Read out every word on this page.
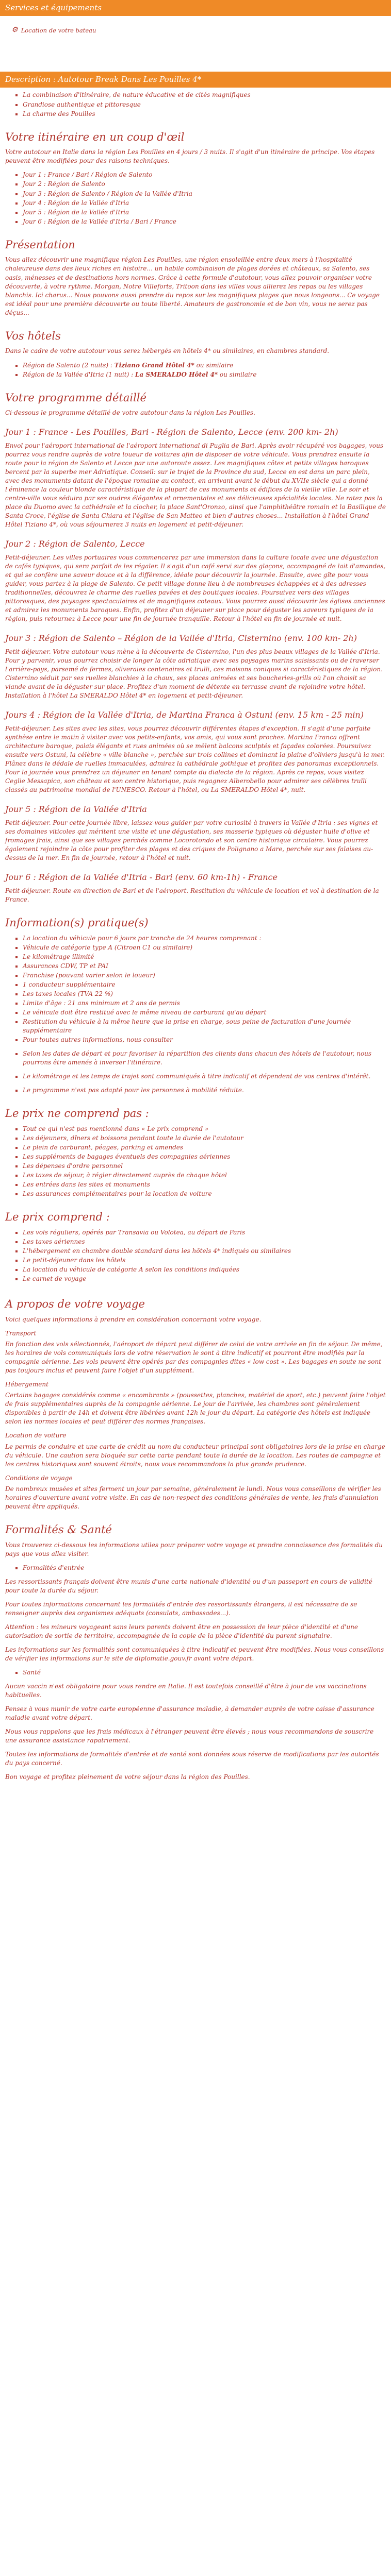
Services et équipements
⚙ Location de votre bateau
Description : Autotour Break Dans Les Pouilles 4*
▪ La combinaison d'itinéraire, de nature éducative et de cités magnifiques
▪ Grandiose authentique et pittoresque
▪ La charme des Pouilles
Votre itinéraire en un coup d'œil

Votre autotour en Italie dans la région Les Pouilles en 4 jours / 3 nuits. Il s'agit d'un itinéraire de principe. Vos étapes peuvent être modifiées pour des raisons techniques.

▪ Jour 1 : France / Bari / Région de Salento
▪ Jour 2 : Région de Salento
▪ Jour 3 : Région de Salento / Région de la Vallée d'Itria
▪ Jour 4 : Région de la Vallée d'Itria
▪ Jour 5 : Région de la Vallée d'Itria
▪ Jour 6 : Région de la Vallée d'Itria / Bari / France
Présentation

Vous allez découvrir une magnifique région Les Pouilles, une région ensoleillée entre deux mers à l'hospitalité chaleureuse dans des lieux riches en histoire... un habile combinaison de plages dorées et châteaux, sa Salento, ses oasis, ménesses et de destinations hors normes. Grâce à cette formule d'autotour, vous allez pouvoir organiser votre découverte, à votre rythme. Morgan, Notre Villeforts, Tritoon dans les villes vous allierez les repas ou les villages blanchis. Ici charus... Nous pouvons aussi prendre du repos sur les magnifiques plages que nous longeons... Ce voyage est idéal pour une première découverte ou toute liberté. Amateurs de gastronomie et de bon vin, vous ne serez pas déçus...

Vos hôtels

Dans le cadre de votre autotour vous serez hébergés en hôtels 4* ou similaires, en chambres standard.

▪ Région de Salento (2 nuits) : Tiziano Grand Hôtel 4* ou similaire
▪ Région de la Vallée d'Itria (1 nuit) : La SMERALDO Hôtel 4* ou similaire
Votre programme détaillé

Ci-dessous le programme détaillé de votre autotour dans la région Les Pouilles.

Jour 1 : France - Les Pouilles, Bari - Région de Salento, Lecce (env. 200 km- 2h)

Envol pour l'aéroport international de l'aéroport international di Puglia de Bari. Après avoir récupéré vos bagages, vous pourrez vous rendre auprès de votre loueur de voitures afin de disposer de votre véhicule. Vous prendrez ensuite la route pour la région de Salento et Lecce par une autoroute assez. Les magnifiques côtes et petits villages baroques bercent par la superbe mer Adriatique. Conseil: sur le trajet de la Province du sud, Lecce en est dans un parc plein, avec des monuments datant de l'époque romaine au contact, en arrivant avant le début du XVIIe siècle qui a donné l'éminence la couleur blonde caractéristique de la plupart de ces monuments et édifices de la vieille ville. Le soir et centre-ville vous séduira par ses oudres élégantes et ornementales et ses délicieuses spécialités locales. Ne ratez pas la place du Duomo avec la cathédrale et la clocher, la place Sant'Oronzo, ainsi que l'amphithéâtre romain et la Basilique de Santa Croce, l'église de Santa Chiara et l'église de San Matteo et bien d'autres choses... Installation à l'hôtel Grand Hôtel Tiziano 4*, où vous séjournerez 3 nuits en logement et petit-déjeuner.

Jour 2 : Région de Salento, Lecce

Petit-déjeuner. Les villes portuaires vous commencerez par une immersion dans la culture locale avec une dégustation de cafés typiques, qui sera parfait de les régaler. Il s'agit d'un café servi sur des glaçons, accompagné de lait d'amandes, et qui se confère une saveur douce et à la différence, idéale pour découvrir la journée. Ensuite, avec gîte pour vous guider, vous partez à la plage de Salento. Ce petit village donne lieu à de nombreuses échappées et à des adresses traditionnelles, découvrez le charme des ruelles pavées et des boutiques locales. Poursuivez vers des villages pittoresques, des paysages spectaculaires et de magnifiques coteaux. Vous pourrez aussi découvrir les églises anciennes et admirez les monuments baroques. Enfin, profitez d'un déjeuner sur place pour déguster les saveurs typiques de la région, puis retournez à Lecce pour une fin de journée tranquille. Retour à l'hôtel en fin de journée et nuit.

Jour 3 : Région de Salento – Région de la Vallée d'Itria, Cisternino (env. 100 km- 2h)

Petit-déjeuner. Votre autotour vous mène à la découverte de Cisternino, l'un des plus beaux villages de la Vallée d'Itria. Pour y parvenir, vous pourrez choisir de longer la côte adriatique avec ses paysages marins saisissants ou de traverser l'arrière-pays, parsemé de fermes, oliveraies centenaires et trulli, ces maisons coniques si caractéristiques de la région. Cisternino séduit par ses ruelles blanchies à la chaux, ses places animées et ses boucheries-grills où l'on choisit sa viande avant de la déguster sur place. Profitez d'un moment de détente en terrasse avant de rejoindre votre hôtel. Installation à l'hôtel La SMERALDO Hôtel 4* en logement et petit-déjeuner.

Jours 4 : Région de la Vallée d'Itria, de Martina Franca à Ostuni (env. 15 km - 25 min)

Petit-déjeuner. Les sites avec les sites, vous pourrez découvrir différentes étapes d'exception. Il s'agit d'une parfaite synthèse entre le matin à visiter avec vos petits-enfants, vos amis, qui vous sont proches. Martina Franca offrent architecture baroque, palais élégants et rues animées où se mêlent balcons sculptés et façades colorées. Poursuivez ensuite vers Ostuni, la célèbre « ville blanche », perchée sur trois collines et dominant la plaine d'oliviers jusqu'à la mer. Flânez dans le dédale de ruelles immaculées, admirez la cathédrale gothique et profitez des panoramas exceptionnels. Pour la journée vous prendrez un déjeuner en tenant compte du dialecte de la région. Après ce repas, vous visitez Ceglie Messapica, son château et son centre historique, puis regagnez Alberobello pour admirer ses célèbres trulli classés au patrimoine mondial de l'UNESCO. Retour à l'hôtel, ou La SMERALDO Hôtel 4*, nuit.

Jour 5 : Région de la Vallée d'Itria

Petit-déjeuner. Pour cette journée libre, laissez-vous guider par votre curiosité à travers la Vallée d'Itria : ses vignes et ses domaines viticoles qui méritent une visite et une dégustation, ses masserie typiques où déguster huile d'olive et fromages frais, ainsi que ses villages perchés comme Locorotondo et son centre historique circulaire. Vous pourrez également rejoindre la côte pour profiter des plages et des criques de Polignano a Mare, perchée sur ses falaises au-dessus de la mer. En fin de journée, retour à l'hôtel et nuit.

Jour 6 : Région de la Vallée d'Itria - Bari (env. 60 km-1h) - France

Petit-déjeuner. Route en direction de Bari et de l'aéroport. Restitution du véhicule de location et vol à destination de la France.

Information(s) pratique(s)
▪ La location du véhicule pour 6 jours par tranche de 24 heures comprenant :
▪ Véhicule de catégorie type A (Citroen C1 ou similaire)
▪ Le kilométrage illimité
▪ Assurances CDW, TP et PAI
▪ Franchise (pouvant varier selon le loueur)
▪ 1 conducteur supplémentaire
▪ Les taxes locales (TVA 22 %)
▪ Limite d'âge : 21 ans minimum et 2 ans de permis
▪ Le véhicule doit être restitué avec le même niveau de carburant qu'au départ
▪ Restitution du véhicule à la même heure que la prise en charge, sous peine de facturation d'une journée supplémentaire
▪ Pour toutes autres informations, nous consulter
▪ Selon les dates de départ et pour favoriser la répartition des clients dans chacun des hôtels de l'autotour, nous pourrons être amenés à inverser l'itinéraire.
▪ Le kilométrage et les temps de trajet sont communiqués à titre indicatif et dépendent de vos centres d'intérêt.
▪ Le programme n'est pas adapté pour les personnes à mobilité réduite.
Le prix ne comprend pas :
▪ Tout ce qui n'est pas mentionné dans « Le prix comprend »
▪ Les déjeuners, dîners et boissons pendant toute la durée de l'autotour
▪ Le plein de carburant, péages, parking et amendes
▪ Les suppléments de bagages éventuels des compagnies aériennes
▪ Les dépenses d'ordre personnel
▪ Les taxes de séjour, à régler directement auprès de chaque hôtel
▪ Les entrées dans les sites et monuments
▪ Les assurances complémentaires pour la location de voiture
Le prix comprend :
▪ Les vols réguliers, opérés par Transavia ou Volotea, au départ de Paris
▪ Les taxes aériennes
▪ L'hébergement en chambre double standard dans les hôtels 4* indiqués ou similaires
▪ Le petit-déjeuner dans les hôtels
▪ La location du véhicule de catégorie A selon les conditions indiquées
▪ Le carnet de voyage
A propos de votre voyage

Voici quelques informations à prendre en considération concernant votre voyage.

Transport

En fonction des vols sélectionnés, l'aéroport de départ peut différer de celui de votre arrivée en fin de séjour. De même, les horaires de vols communiqués lors de votre réservation le sont à titre indicatif et pourront être modifiés par la compagnie aérienne. Les vols peuvent être opérés par des compagnies dites « low cost ». Les bagages en soute ne sont pas toujours inclus et peuvent faire l'objet d'un supplément.

Hébergement

Certains bagages considérés comme « encombrants » (poussettes, planches, matériel de sport, etc.) peuvent faire l'objet de frais supplémentaires auprès de la compagnie aérienne. Le jour de l'arrivée, les chambres sont généralement disponibles à partir de 14h et doivent être libérées avant 12h le jour du départ. La catégorie des hôtels est indiquée selon les normes locales et peut différer des normes françaises.

Location de voiture

Le permis de conduire et une carte de crédit au nom du conducteur principal sont obligatoires lors de la prise en charge du véhicule. Une caution sera bloquée sur cette carte pendant toute la durée de la location. Les routes de campagne et les centres historiques sont souvent étroits, nous vous recommandons la plus grande prudence.

Conditions de voyage

De nombreux musées et sites ferment un jour par semaine, généralement le lundi. Nous vous conseillons de vérifier les horaires d'ouverture avant votre visite. En cas de non-respect des conditions générales de vente, les frais d'annulation peuvent être appliqués.

Formalités & Santé

Vous trouverez ci-dessous les informations utiles pour préparer votre voyage et prendre connaissance des formalités du pays que vous allez visiter.

▪ Formalités d'entrée

Les ressortissants français doivent être munis d'une carte nationale d'identité ou d'un passeport en cours de validité pour toute la durée du séjour.

Pour toutes informations concernant les formalités d'entrée des ressortissants étrangers, il est nécessaire de se renseigner auprès des organismes adéquats (consulats, ambassades...).

Attention : les mineurs voyageant sans leurs parents doivent être en possession de leur pièce d'identité et d'une autorisation de sortie de territoire, accompagnée de la copie de la pièce d'identité du parent signataire.

Les informations sur les formalités sont communiquées à titre indicatif et peuvent être modifiées. Nous vous conseillons de vérifier les informations sur le site de diplomatie.gouv.fr avant votre départ.

▪ Santé

Aucun vaccin n'est obligatoire pour vous rendre en Italie. Il est toutefois conseillé d'être à jour de vos vaccinations habituelles.

Pensez à vous munir de votre carte européenne d'assurance maladie, à demander auprès de votre caisse d'assurance maladie avant votre départ.

Nous vous rappelons que les frais médicaux à l'étranger peuvent être élevés ; nous vous recommandons de souscrire une assurance assistance rapatriement.

Toutes les informations de formalités d'entrée et de santé sont données sous réserve de modifications par les autorités du pays concerné.

Bon voyage et profitez pleinement de votre séjour dans la région des Pouilles.
